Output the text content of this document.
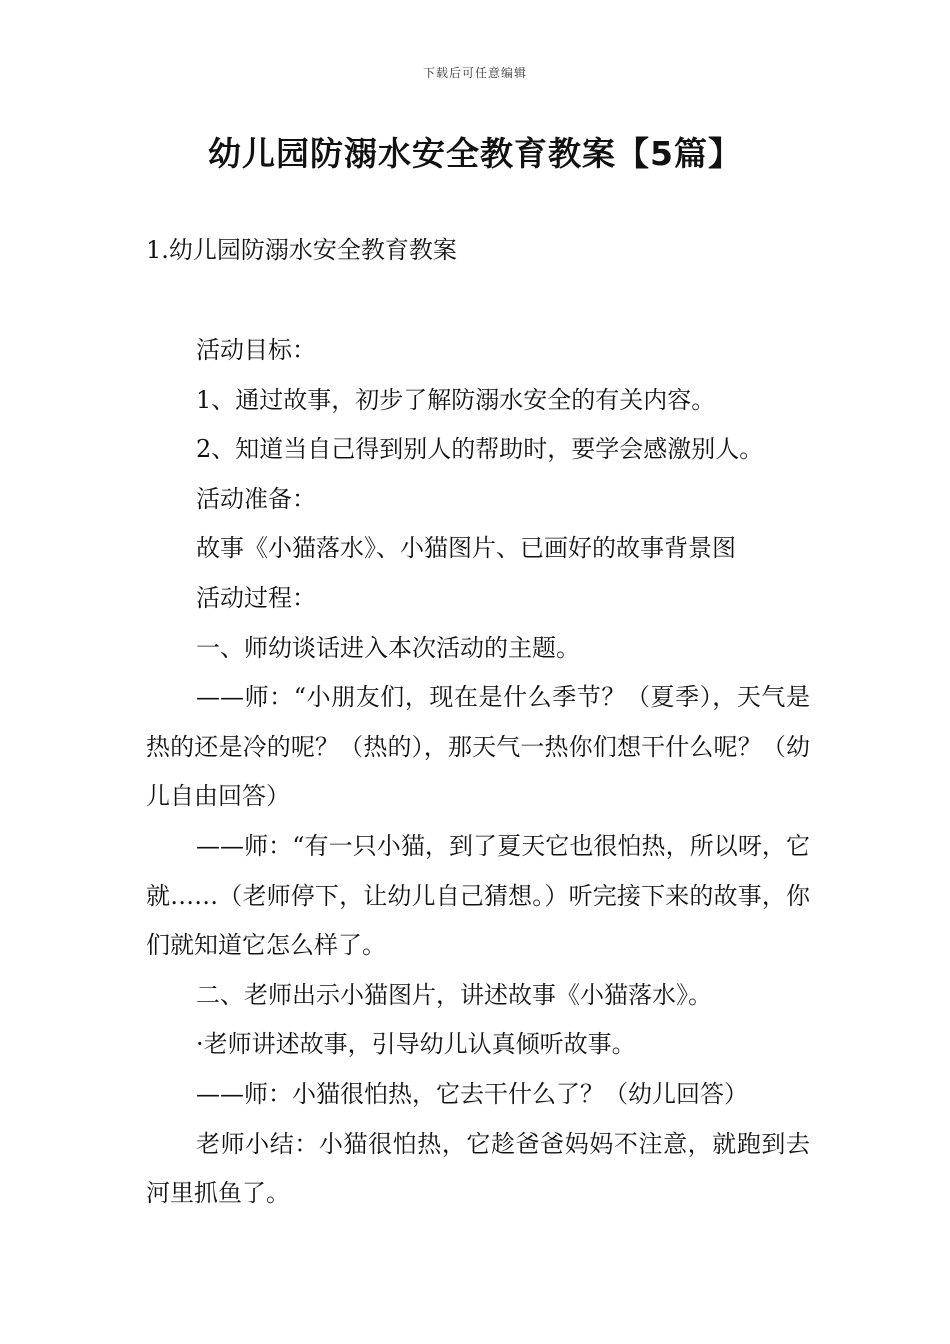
下载后可任意编辑
幼儿园防溺水安全教育教案【5篇】
1.幼儿园防溺水安全教育教案

活动目标：

1、通过故事，初步了解防溺水安全的有关内容。

2、知道当自己得到别人的帮助时，要学会感激别人。

活动准备：

故事《小猫落水》、小猫图片、已画好的故事背景图

活动过程：

一、师幼谈话进入本次活动的主题。

——师：“小朋友们，现在是什么季节？（夏季），天气是热的还是冷的呢？（热的），那天气一热你们想干什么呢？（幼儿自由回答）

——师：“有一只小猫，到了夏天它也很怕热，所以呀，它就……（老师停下，让幼儿自己猜想。）听完接下来的故事，你们就知道它怎么样了。

二、老师出示小猫图片，讲述故事《小猫落水》。

·老师讲述故事，引导幼儿认真倾听故事。

——师：小猫很怕热，它去干什么了？（幼儿回答）

老师小结：小猫很怕热，它趁爸爸妈妈不注意，就跑到去河里抓鱼了。
